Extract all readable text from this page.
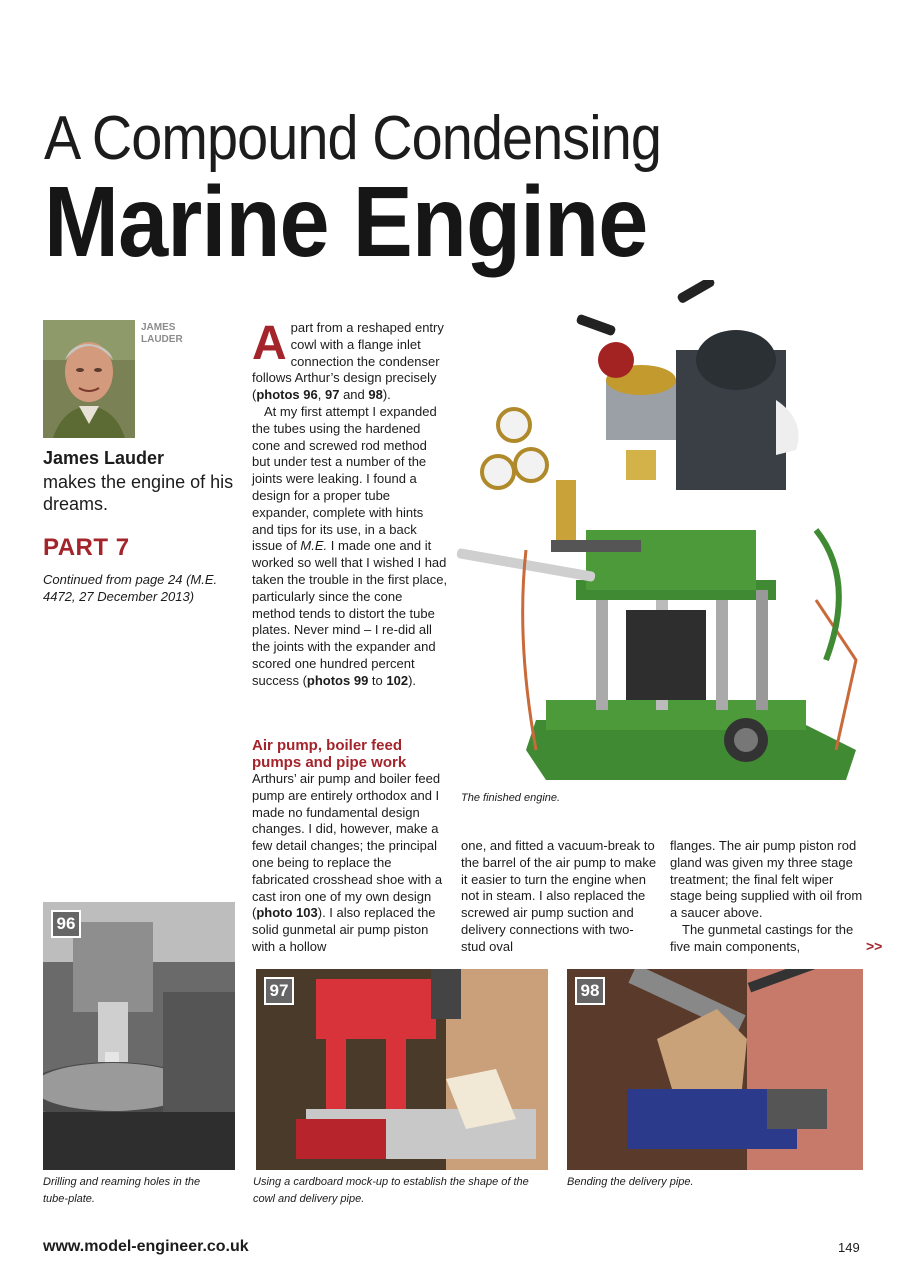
A Compound Condensing
Marine Engine
JAMES LAUDER
James Lauder
makes the engine of his dreams.
PART 7
Continued from page 24 (M.E. 4472, 27 December 2013)

Apart from a reshaped entry cowl with a flange inlet connection the condenser follows Arthur’s design precisely (photos 96, 97 and 98).

At my first attempt I expanded the tubes using the hardened cone and screwed rod method but under test a number of the joints were leaking. I found a design for a proper tube expander, complete with hints and tips for its use, in a back issue of M.E. I made one and it worked so well that I wished I had taken the trouble in the first place, particularly since the cone method tends to distort the tube plates. Never mind – I re-did all the joints with the expander and scored one hundred percent success (photos 99 to 102).

Air pump, boiler feed pumps and pipe work

Arthurs’ air pump and boiler feed pump are entirely orthodox and I made no fundamental design changes. I did, however, make a few detail changes; the principal one being to replace the fabricated crosshead shoe with a cast iron one of my own design (photo 103). I also replaced the solid gunmetal air pump piston with a hollow

one, and fitted a vacuum-break to the barrel of the air pump to make it easier to turn the engine when not in steam. I also replaced the screwed air pump suction and delivery connections with two-stud oval

flanges. The air pump piston rod gland was given my three stage treatment; the final felt wiper stage being supplied with oil from a saucer above.

The gunmetal castings for the five main components,	>>
The finished engine.
96
Drilling and reaming holes in the tube-plate.
97
Using a cardboard mock-up to establish the shape of the cowl and delivery pipe.
98
Bending the delivery pipe.
www.model-engineer.co.uk	149
